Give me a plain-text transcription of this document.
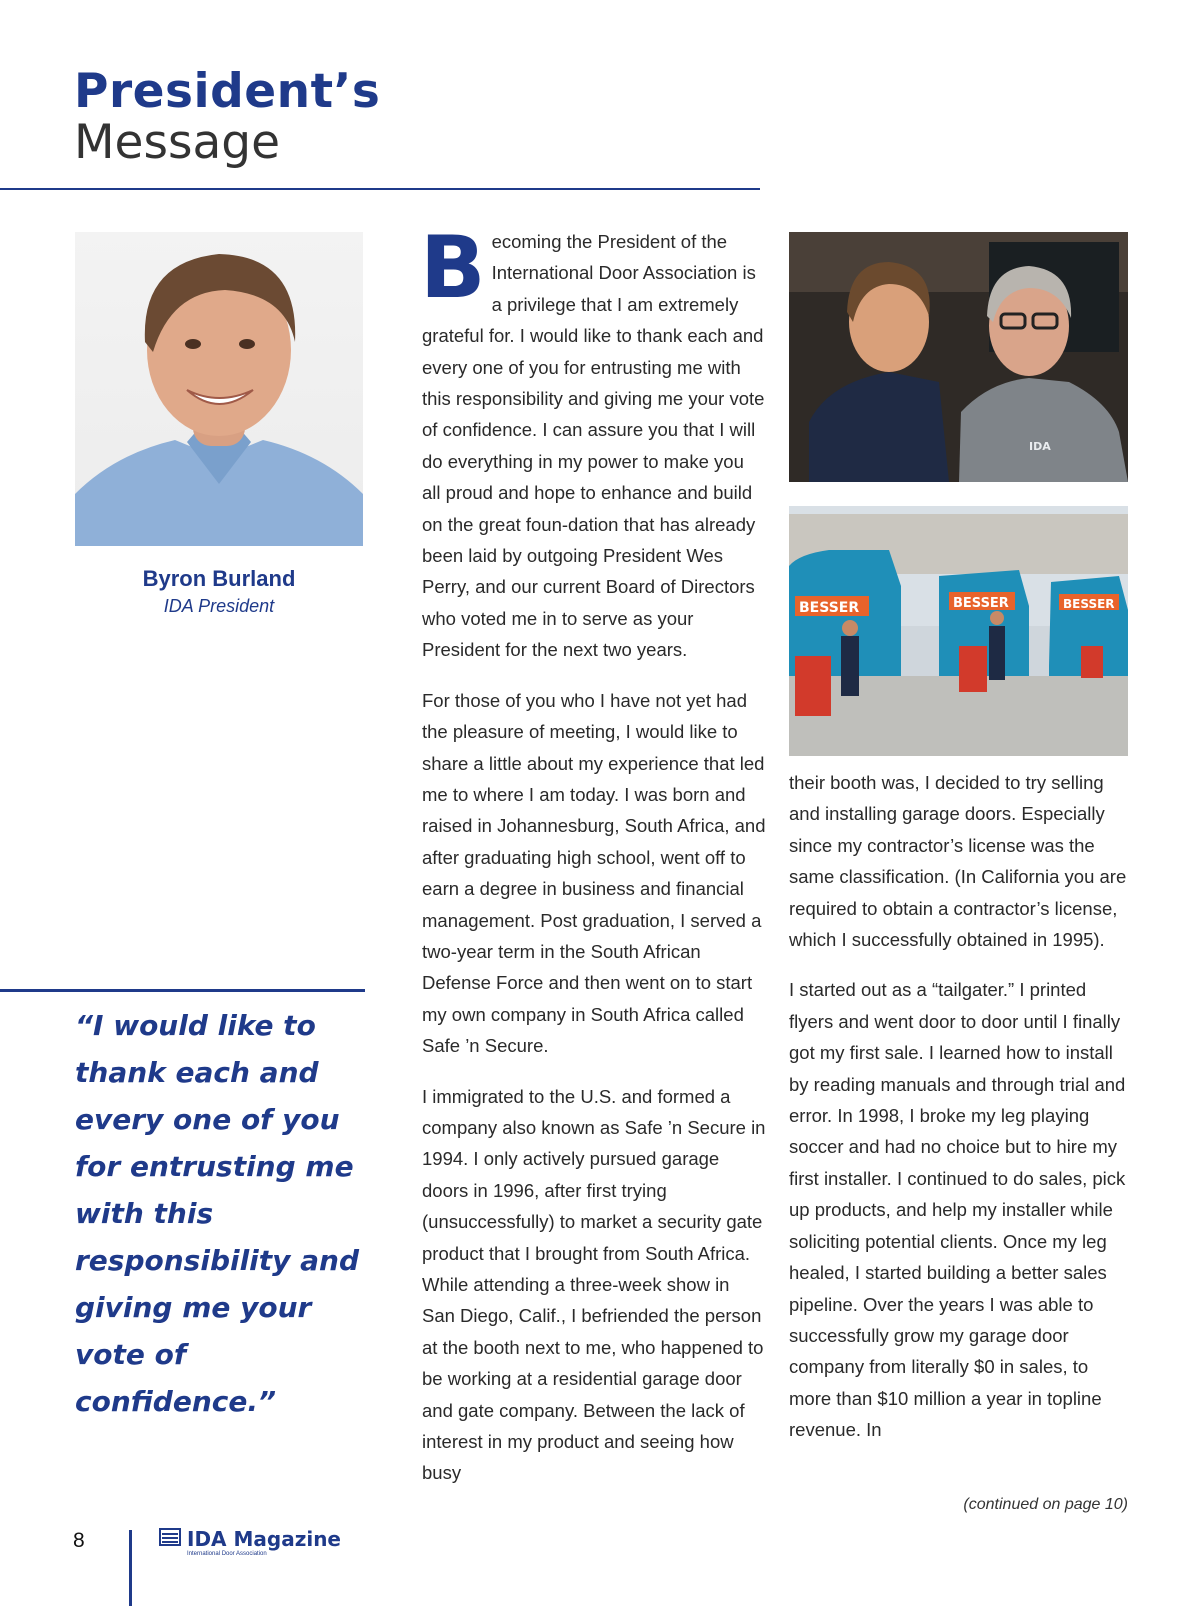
President’s
Message
Byron Burland
IDA President
“I would like to thank each and every one of you for entrusting me with this responsibility and giving me your vote of confidence.”

Becoming the President of the International Door Association is a privilege that I am extremely grateful for. I would like to thank each and every one of you for entrusting me with this responsibility and giving me your vote of confidence. I can assure you that I will do everything in my power to make you all proud and hope to enhance and build on the great foun-dation that has already been laid by outgoing President Wes Perry, and our current Board of Directors who voted me in to serve as your President for the next two years.

For those of you who I have not yet had the pleasure of meeting, I would like to share a little about my experience that led me to where I am today. I was born and raised in Johannesburg, South Africa, and after graduating high school, went off to earn a degree in business and financial management. Post graduation, I served a two-year term in the South African Defense Force and then went on to start my own company in South Africa called Safe ’n Secure.

I immigrated to the U.S. and formed a company also known as Safe ’n Secure in 1994. I only actively pursued garage doors in 1996, after first trying (unsuccessfully) to market a security gate product that I brought from South Africa. While attending a three-week show in San Diego, Calif., I befriended the person at the booth next to me, who happened to be working at a residential garage door and gate company. Between the lack of interest in my product and seeing how busy

IDA
BESSER	BESSER	BESSER

their booth was, I decided to try selling and installing garage doors. Especially since my contractor’s license was the same classification. (In California you are required to obtain a contractor’s license, which I successfully obtained in 1995).

I started out as a “tailgater.” I printed flyers and went door to door until I finally got my first sale. I learned how to install by reading manuals and through trial and error. In 1998, I broke my leg playing soccer and had no choice but to hire my first installer. I continued to do sales, pick up products, and help my installer while soliciting potential clients. Once my leg healed, I started building a better sales pipeline. Over the years I was able to successfully grow my garage door company from literally $0 in sales, to more than $10 million a year in topline revenue. In

(continued on page 10)
8	IDA Magazine
International Door Association
